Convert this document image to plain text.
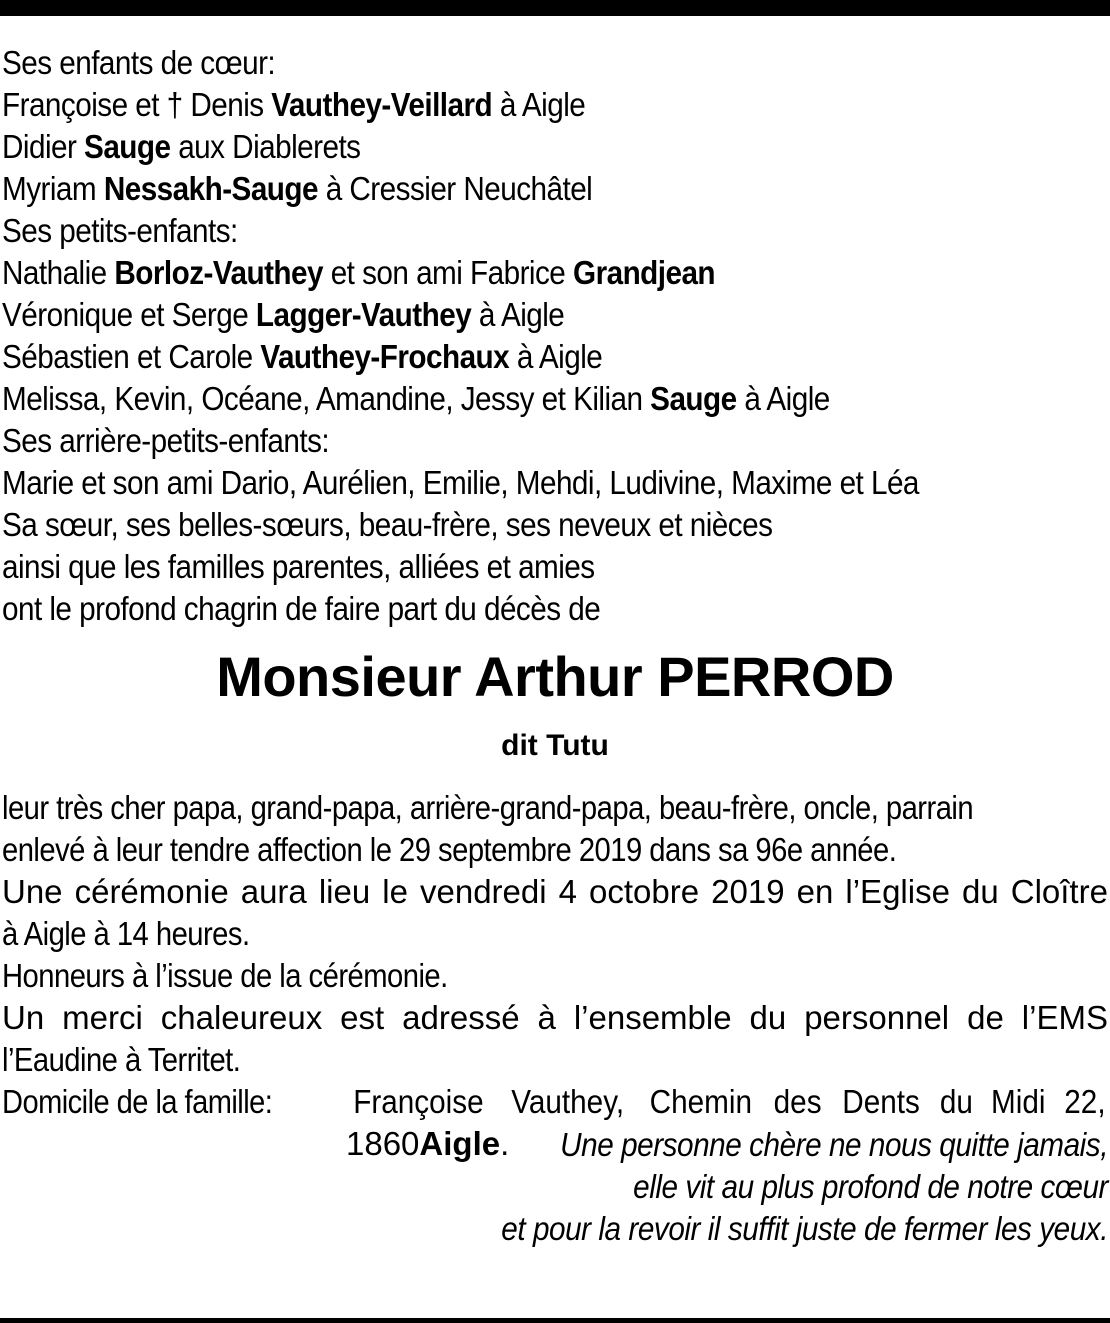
Ses enfants de cœur:
Françoise et † Denis Vauthey-Veillard à Aigle
Didier Sauge aux Diablerets
Myriam Nessakh-Sauge à Cressier Neuchâtel
Ses petits-enfants:
Nathalie Borloz-Vauthey et son ami Fabrice Grandjean
Véronique et Serge Lagger-Vauthey à Aigle
Sébastien et Carole Vauthey-Frochaux à Aigle
Melissa, Kevin, Océane, Amandine, Jessy et Kilian Sauge à Aigle
Ses arrière-petits-enfants:
Marie et son ami Dario, Aurélien, Emilie, Mehdi, Ludivine, Maxime et Léa
Sa sœur, ses belles-sœurs, beau-frère, ses neveux et nièces
ainsi que les familles parentes, alliées et amies
ont le profond chagrin de faire part du décès de
Monsieur Arthur PERROD
dit Tutu
leur très cher papa, grand-papa, arrière-grand-papa, beau-frère, oncle, parrain
enlevé à leur tendre affection le 29 septembre 2019 dans sa 96e année.
Une cérémonie aura lieu le vendredi 4 octobre 2019 en l’Eglise du Cloître
à Aigle à 14 heures.
Honneurs à l’issue de la cérémonie.
Un merci chaleureux est adressé à l’ensemble du personnel de l’EMS
l’Eaudine à Territet.
Domicile de la famille: Françoise Vauthey, Chemin des Dents du Midi 22,
1860Aigle.	Une personne chère ne nous quitte jamais,
elle vit au plus profond de notre cœur
et pour la revoir il suffit juste de fermer les yeux.
